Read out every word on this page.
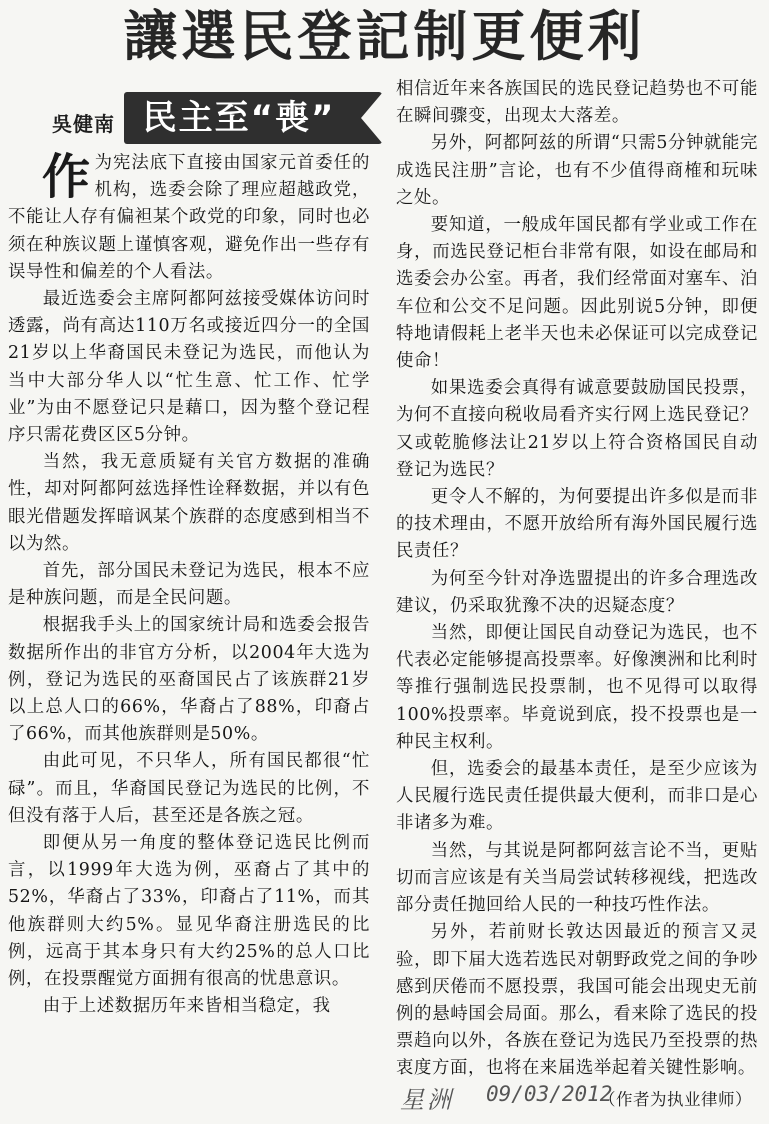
讓選民登記制更便利
吳健南 民主至“喪”

作为宪法底下直接由国家元首委任的机构，选委会除了理应超越政党，不能让人存有偏袒某个政党的印象，同时也必须在种族议题上谨慎客观，避免作出一些存有误导性和偏差的个人看法。

最近选委会主席阿都阿兹接受媒体访问时透露，尚有高达110万名或接近四分一的全国21岁以上华裔国民未登记为选民，而他认为当中大部分华人以“忙生意、忙工作、忙学业”为由不愿登记只是藉口，因为整个登记程序只需花费区区5分钟。

当然，我无意质疑有关官方数据的准确性，却对阿都阿兹选择性诠释数据，并以有色眼光借题发挥暗讽某个族群的态度感到相当不以为然。

首先，部分国民未登记为选民，根本不应是种族问题，而是全民问题。

根据我手头上的国家统计局和选委会报告数据所作出的非官方分析，以2004年大选为例，登记为选民的巫裔国民占了该族群21岁以上总人口的66%，华裔占了88%，印裔占了66%，而其他族群则是50%。

由此可见，不只华人，所有国民都很“忙碌”。而且，华裔国民登记为选民的比例，不但没有落于人后，甚至还是各族之冠。

即便从另一角度的整体登记选民比例而言，以1999年大选为例，巫裔占了其中的52%，华裔占了33%，印裔占了11%，而其他族群则大约5%。显见华裔注册选民的比例，远高于其本身只有大约25%的总人口比例，在投票醒觉方面拥有很高的忧患意识。

由于上述数据历年来皆相当稳定，我

相信近年来各族国民的选民登记趋势也不可能在瞬间骤变，出现太大落差。

另外，阿都阿兹的所谓“只需5分钟就能完成选民注册”言论，也有不少值得商榷和玩味之处。

要知道，一般成年国民都有学业或工作在身，而选民登记柜台非常有限，如设在邮局和选委会办公室。再者，我们经常面对塞车、泊车位和公交不足问题。因此别说5分钟，即便特地请假耗上老半天也未必保证可以完成登记使命！

如果选委会真得有诚意要鼓励国民投票，为何不直接向税收局看齐实行网上选民登记？又或乾脆修法让21岁以上符合资格国民自动登记为选民？

更令人不解的，为何要提出许多似是而非的技术理由，不愿开放给所有海外国民履行选民责任？

为何至今针对净选盟提出的许多合理选改建议，仍采取犹豫不决的迟疑态度？

当然，即便让国民自动登记为选民，也不代表必定能够提高投票率。好像澳洲和比利时等推行强制选民投票制，也不见得可以取得100%投票率。毕竟说到底，投不投票也是一种民主权利。

但，选委会的最基本责任，是至少应该为人民履行选民责任提供最大便利，而非口是心非诸多为难。

当然，与其说是阿都阿兹言论不当，更贴切而言应该是有关当局尝试转移视线，把选改部分责任抛回给人民的一种技巧性作法。

另外，若前财长敦达因最近的预言又灵验，即下届大选若选民对朝野政党之间的争吵感到厌倦而不愿投票，我国可能会出现史无前例的悬峙国会局面。那么，看来除了选民的投票趋向以外，各族在登记为选民乃至投票的热衷度方面，也将在来届选举起着关键性影响。

星洲 09/03/2012
（作者为执业律师）
